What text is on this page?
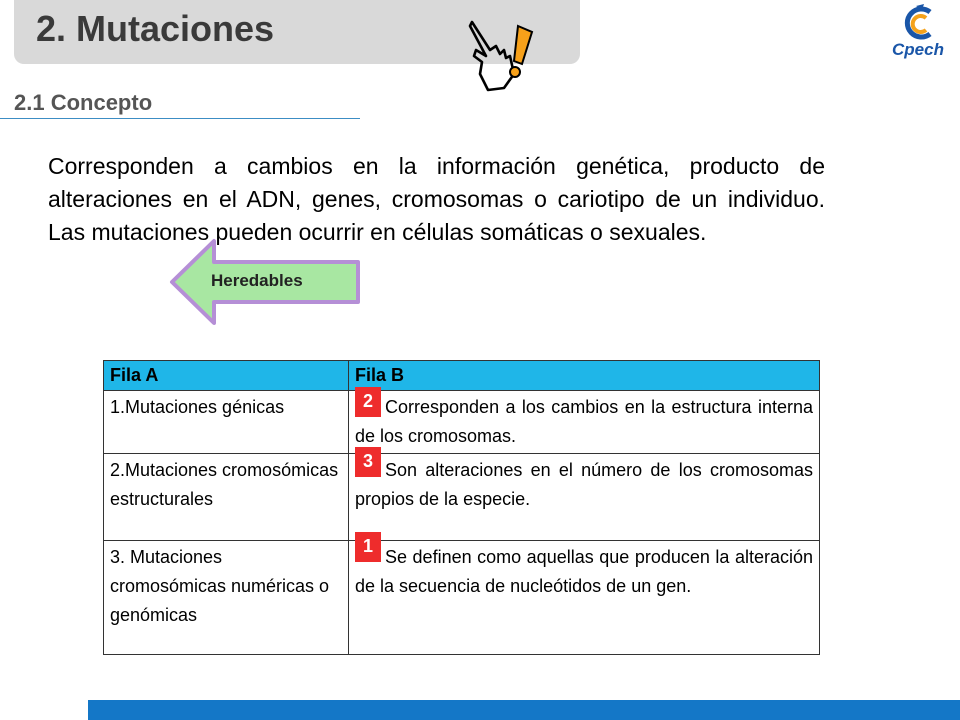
2. Mutaciones
Cpech
2.1 Concepto
Corresponden a cambios en la información genética, producto de alteraciones en el ADN, genes, cromosomas o cariotipo de un individuo. Las mutaciones pueden ocurrir en células somáticas o sexuales.
Heredables
Fila A	Fila B
1.Mutaciones génicas	Corresponden a los cambios en la estructura interna de los cromosomas.
2.Mutaciones cromosómicas estructurales	Son alteraciones en el número de los cromosomas propios de la especie.
3. Mutaciones cromosómicas numéricas o genómicas	Se definen como aquellas que producen la alteración de la secuencia de nucleótidos de un gen.
2
3
1
